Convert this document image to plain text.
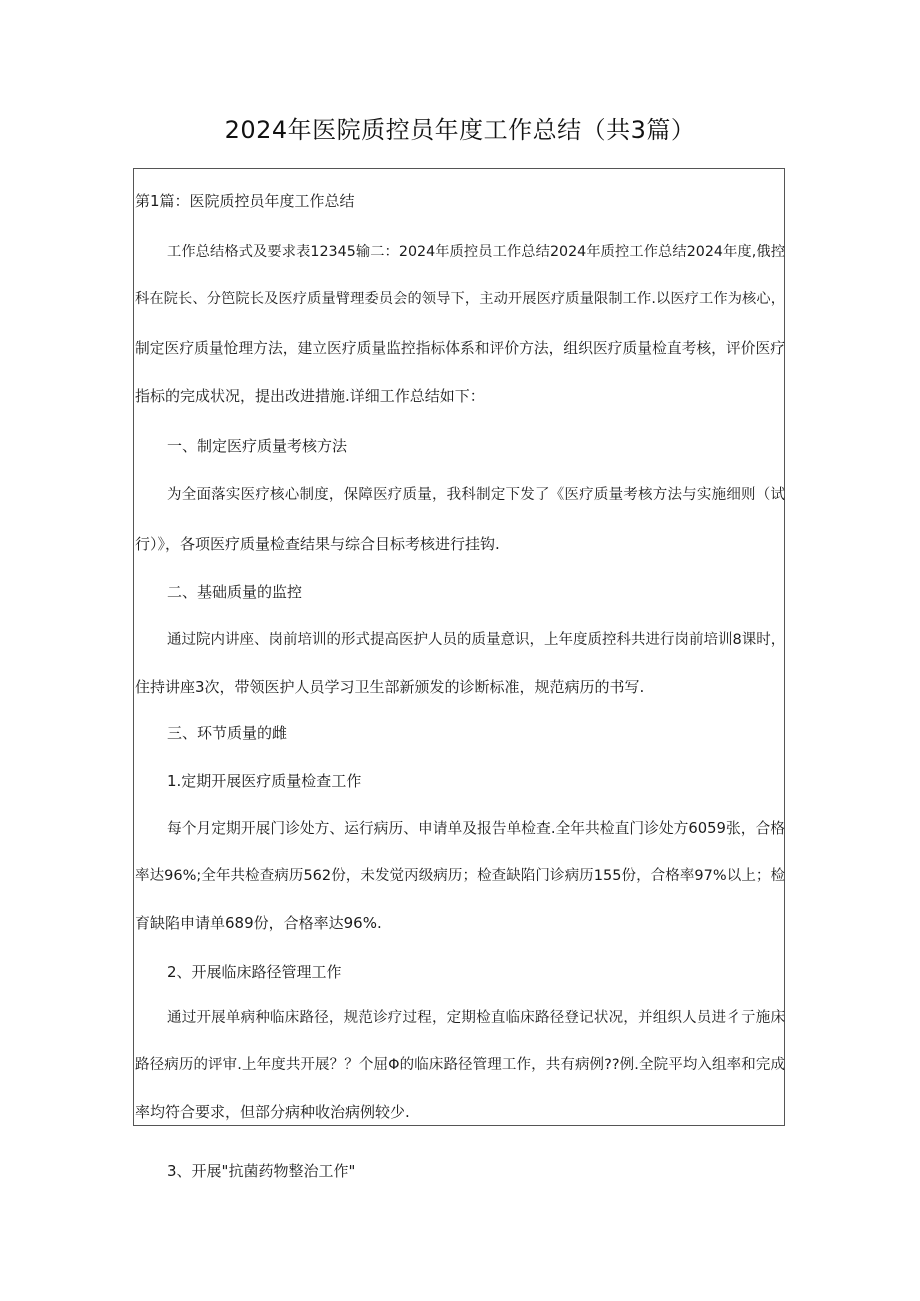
2024年医院质控员年度工作总结（共3篇）
第1篇：医院质控员年度工作总结
工作总结格式及要求表12345输二：2024年质控员工作总结2024年质控工作总结2024年度,俄控
科在院长、分笆院长及医疗质量臂理委员会的领导下，主动开展医疗质量限制工作.以医疗工作为核心，
制定医疗质量怆理方法，建立医疗质量监控指标体系和评价方法，组织医疗质量检直考核，评价医疗
指标的完成状况，提出改进措施.详细工作总结如下：
一、制定医疗质量考核方法
为全面落实医疗核心制度，保障医疗质量，我科制定下发了《医疗质量考核方法与实施细则（试
行）》，各项医疗质量检查结果与综合目标考核进行挂钩.
二、基础质量的监控
通过院内讲座、岗前培训的形式提高医护人员的质量意识，上年度质控科共进行岗前培训8课时，
住持讲座3次，带领医护人员学习卫生部新颁发的诊断标准，规范病历的书写.
三、环节质量的雌
1.定期开展医疗质量检查工作
每个月定期开展门诊处方、运行病历、申请单及报告单检查.全年共检直门诊处方6059张，合格
率达96%;全年共检查病历562份，未发觉丙级病历；检查缺陷门诊病历155份，合格率97%以上；检
育缺陷申请单689份，合格率达96%.
2、开展临床路径管理工作
通过开展单病种临床路径，规范诊疗过程，定期检直临床路径登记状况，并组织人员进彳亍施床
路径病历的评审.上年度共开展？？个屈Φ的临床路径管理工作，共有病例??例.全院平均入组率和完成
率均符合要求，但部分病种收治病例较少.
3、开展"抗菌药物整治工作"
